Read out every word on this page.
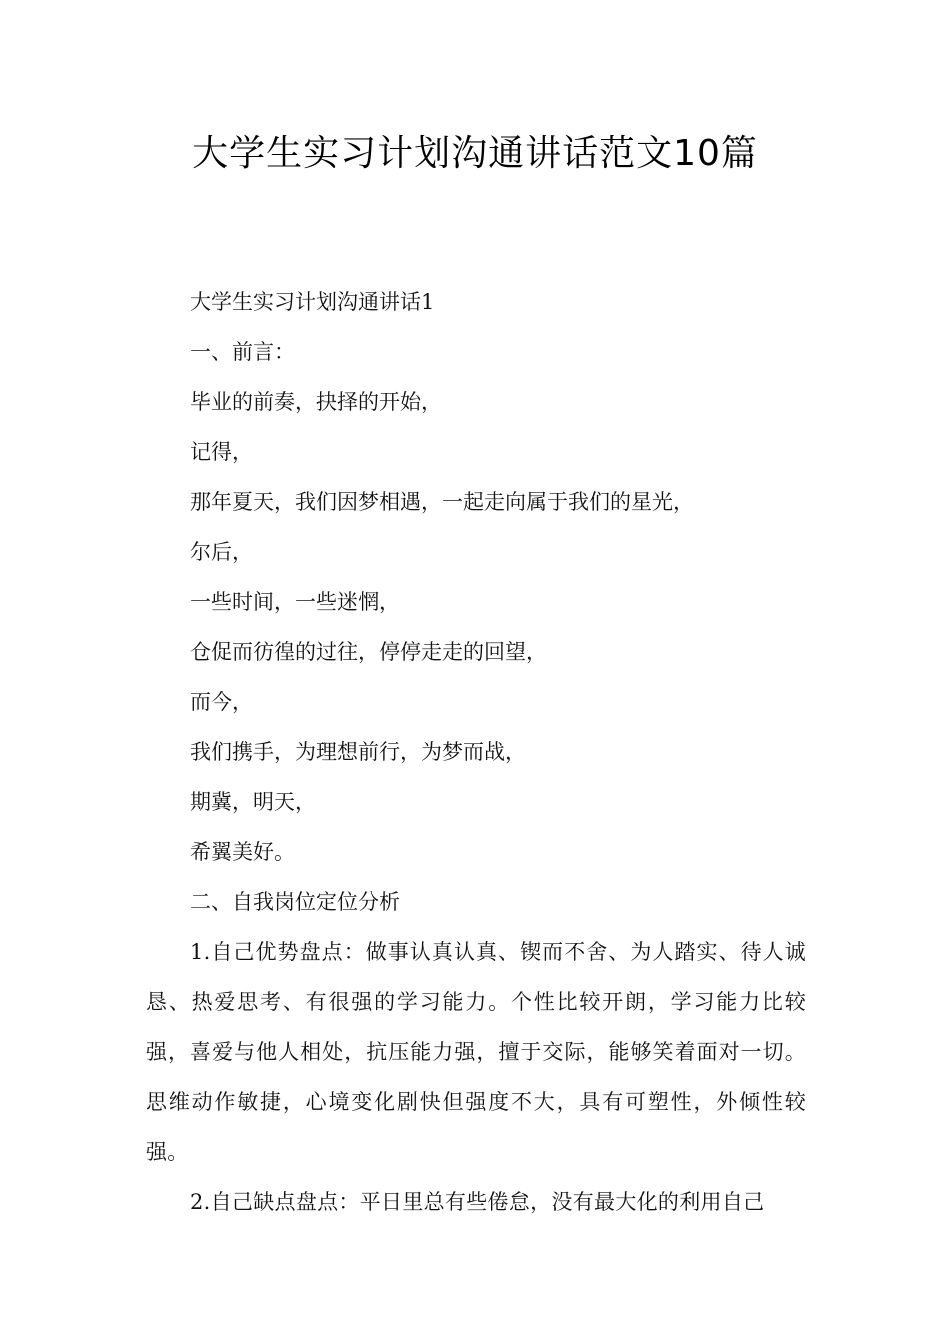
大学生实习计划沟通讲话范文10篇

大学生实习计划沟通讲话1

一、前言：

毕业的前奏，抉择的开始，

记得，

那年夏天，我们因梦相遇，一起走向属于我们的星光，

尔后，

一些时间，一些迷惘，

仓促而彷徨的过往，停停走走的回望，

而今，

我们携手，为理想前行，为梦而战，

期冀，明天，

希翼美好。

二、自我岗位定位分析

1.自己优势盘点：做事认真认真、锲而不舍、为人踏实、待人诚恳、热爱思考、有很强的学习能力。个性比较开朗，学习能力比较强，喜爱与他人相处，抗压能力强，擅于交际，能够笑着面对一切。思维动作敏捷，心境变化剧快但强度不大，具有可塑性，外倾性较强。

2.自己缺点盘点：平日里总有些倦怠，没有最大化的利用自己
